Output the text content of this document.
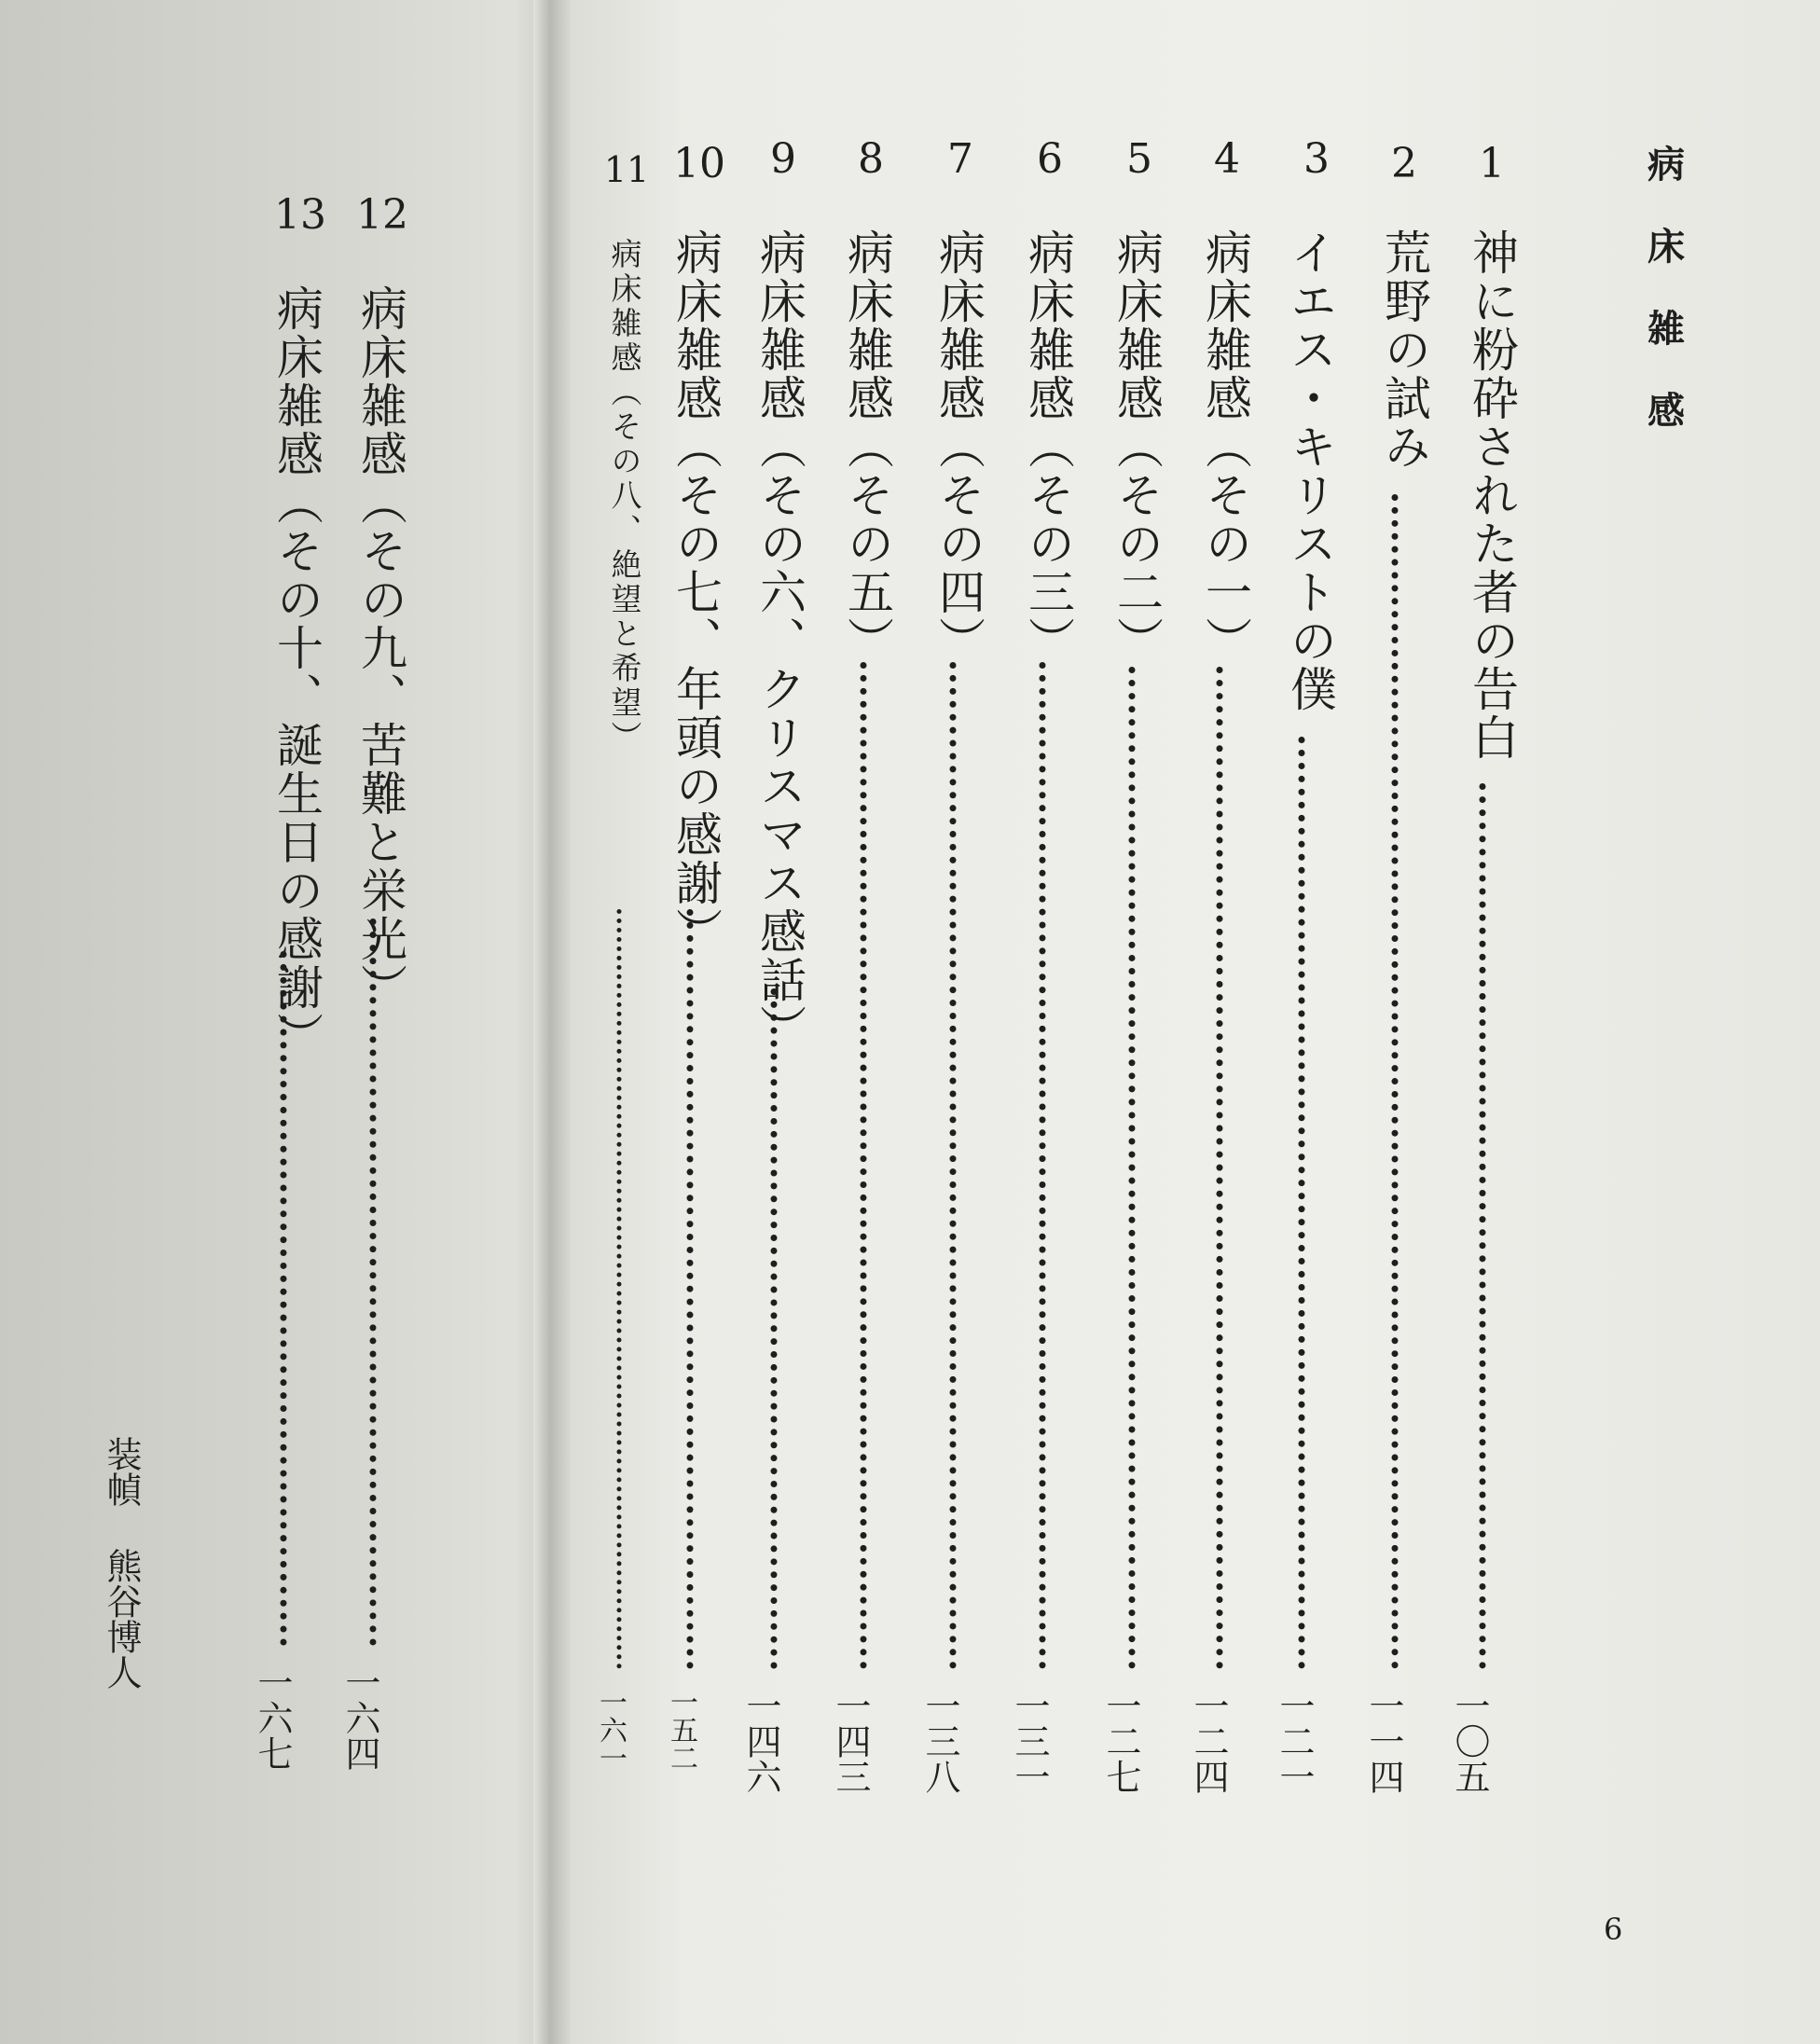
病床雑感
1
神に粉砕された者の告白
一〇五
2
荒野の試み
一一四
3
イエス・キリストの僕
一二一
4
病床雑感（その一）
一二四
5
病床雑感（その二）
一二七
6
病床雑感（その三）
一三一
7
病床雑感（その四）
一三八
8
病床雑感（その五）
一四三
9
病床雑感（その六、クリスマス感話）
一四六
10
病床雑感（その七、年頭の感謝）
一五二
11
病床雑感（その八、絶望と希望）
一六一
12
病床雑感（その九、苦難と栄光）
一六四
13
病床雑感（その十、誕生日の感謝）
一六七
装幀
熊谷博人
6
